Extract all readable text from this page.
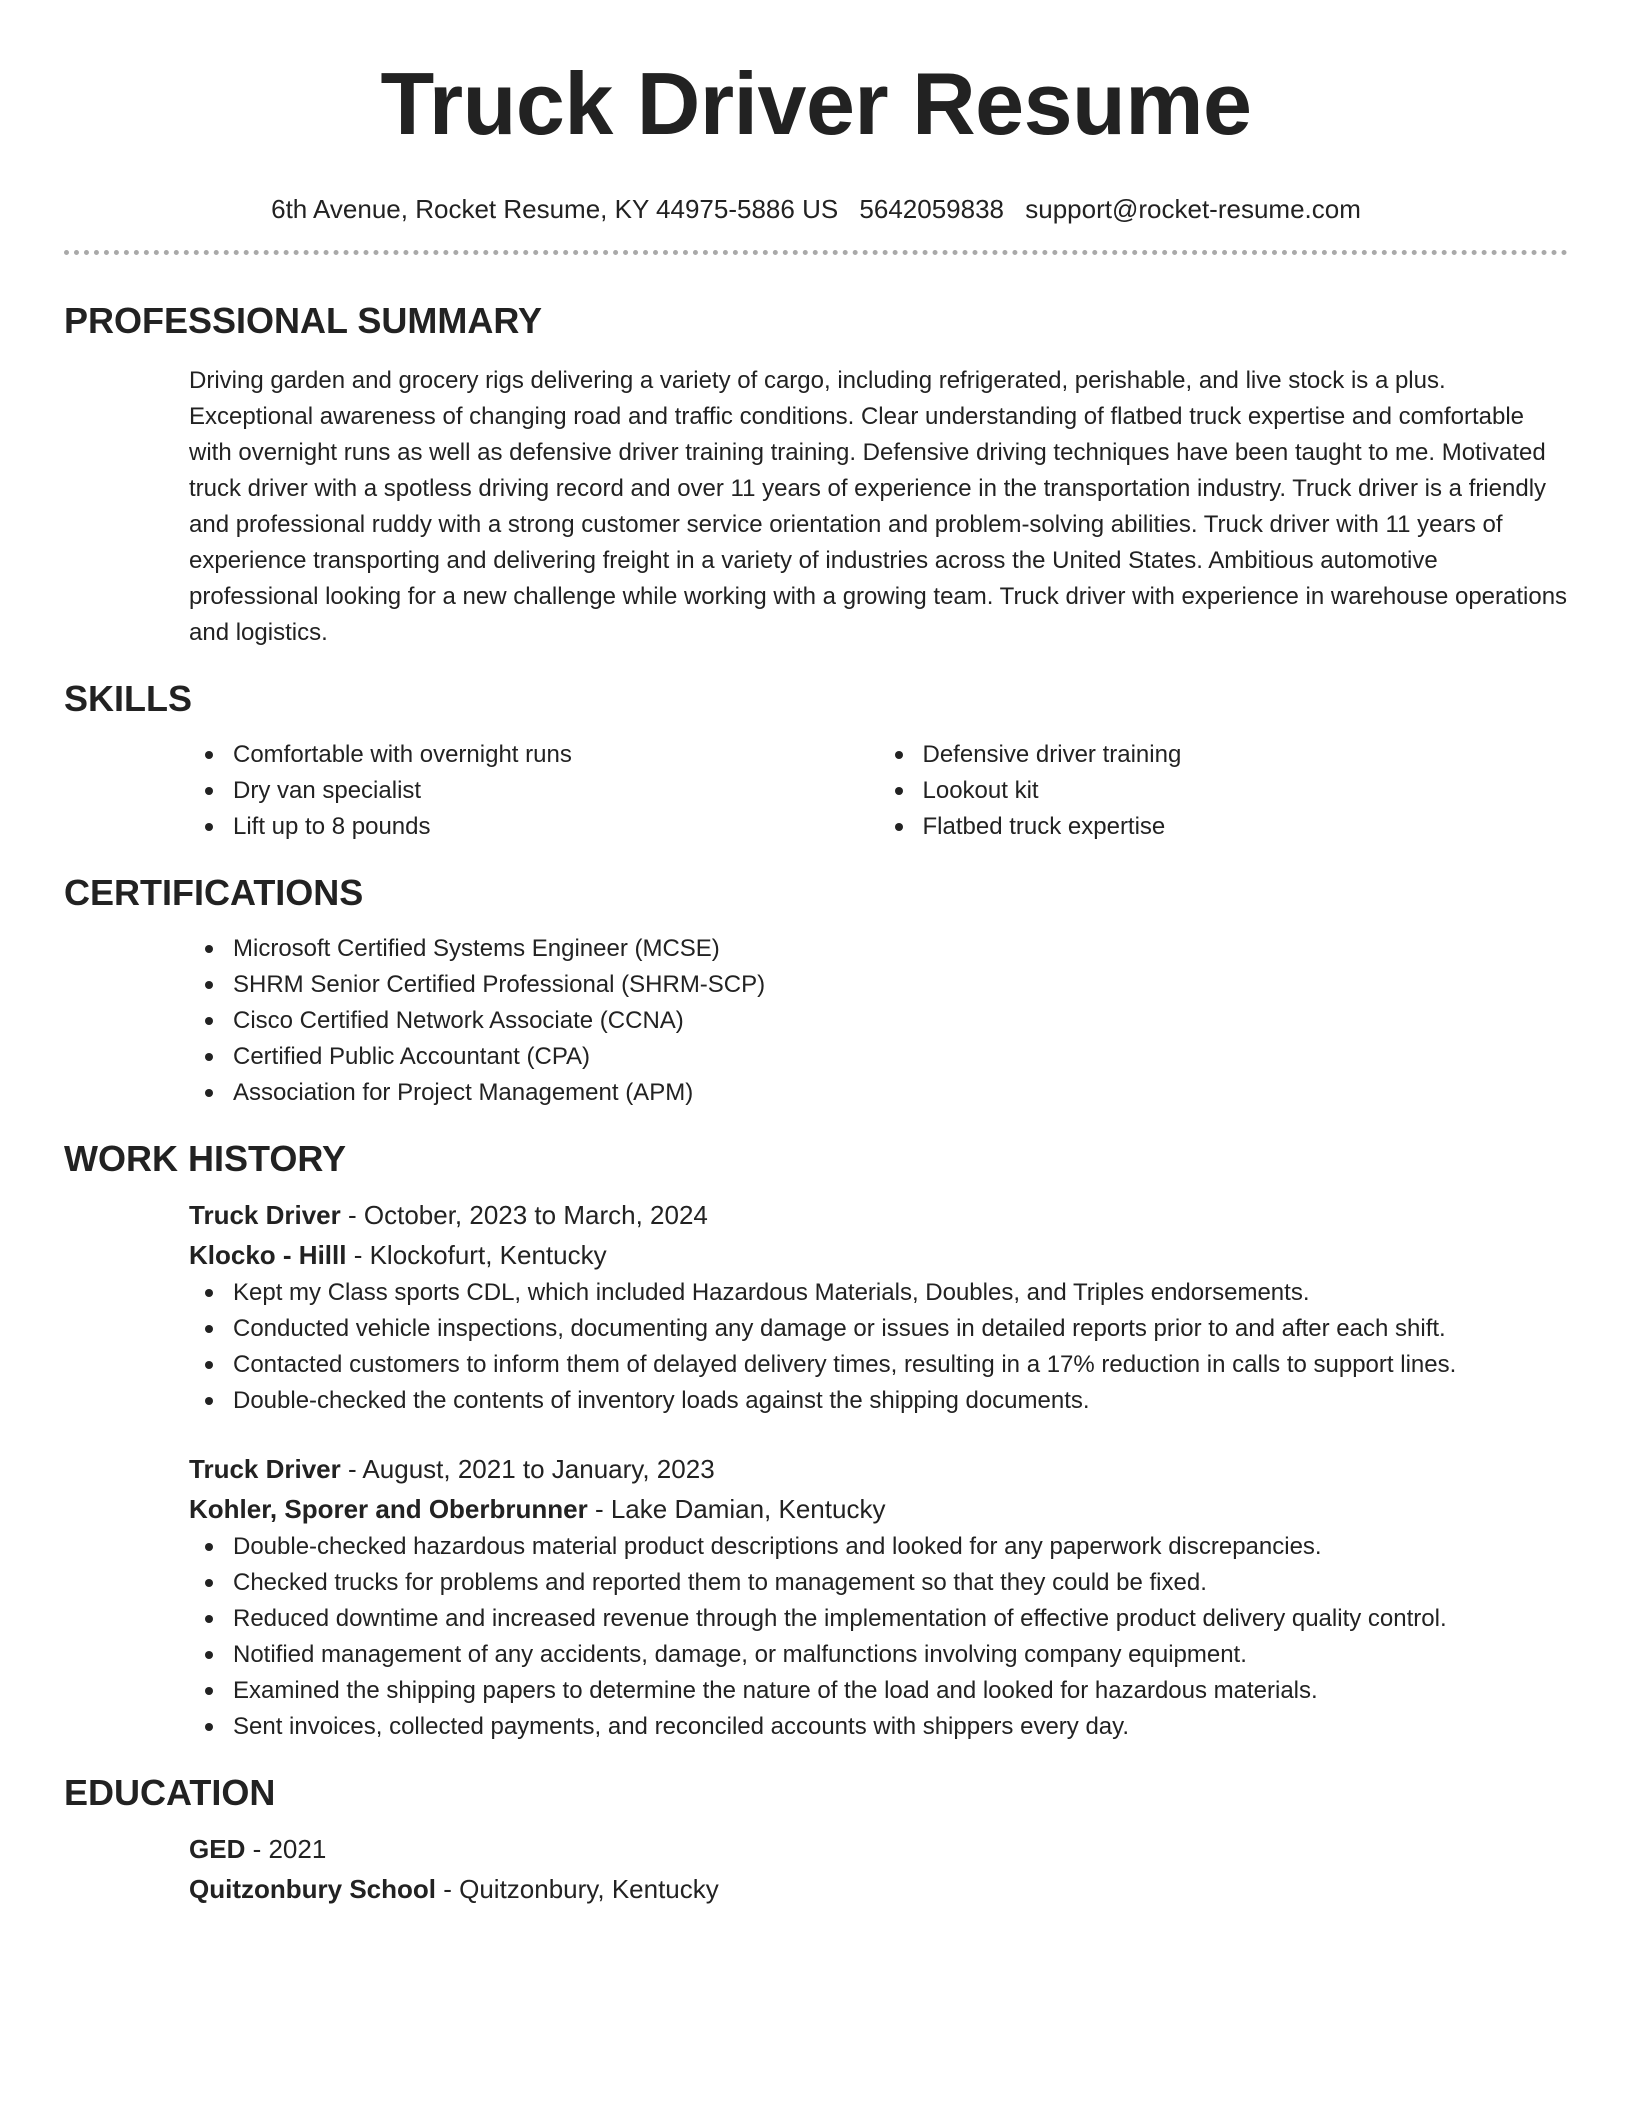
Truck Driver Resume
6th Avenue, Rocket Resume, KY 44975-5886 US 5642059838 support@rocket-resume.com
PROFESSIONAL SUMMARY

Driving garden and grocery rigs delivering a variety of cargo, including refrigerated, perishable, and live stock is a plus. Exceptional awareness of changing road and traffic conditions. Clear understanding of flatbed truck expertise and comfortable with overnight runs as well as defensive driver training training. Defensive driving techniques have been taught to me. Motivated truck driver with a spotless driving record and over 11 years of experience in the transportation industry. Truck driver is a friendly and professional ruddy with a strong customer service orientation and problem-solving abilities. Truck driver with 11 years of experience transporting and delivering freight in a variety of industries across the United States. Ambitious automotive professional looking for a new challenge while working with a growing team. Truck driver with experience in warehouse operations and logistics.

SKILLS
Comfortable with overnight runs
Dry van specialist
Lift up to 8 pounds
Defensive driver training
Lookout kit
Flatbed truck expertise
CERTIFICATIONS
Microsoft Certified Systems Engineer (MCSE)
SHRM Senior Certified Professional (SHRM-SCP)
Cisco Certified Network Associate (CCNA)
Certified Public Accountant (CPA)
Association for Project Management (APM)
WORK HISTORY
Truck Driver - October, 2023 to March, 2024
Klocko - Hilll - Klockofurt, Kentucky
Kept my Class sports CDL, which included Hazardous Materials, Doubles, and Triples endorsements.
Conducted vehicle inspections, documenting any damage or issues in detailed reports prior to and after each shift.
Contacted customers to inform them of delayed delivery times, resulting in a 17% reduction in calls to support lines.
Double-checked the contents of inventory loads against the shipping documents.
Truck Driver - August, 2021 to January, 2023
Kohler, Sporer and Oberbrunner - Lake Damian, Kentucky
Double-checked hazardous material product descriptions and looked for any paperwork discrepancies.
Checked trucks for problems and reported them to management so that they could be fixed.
Reduced downtime and increased revenue through the implementation of effective product delivery quality control.
Notified management of any accidents, damage, or malfunctions involving company equipment.
Examined the shipping papers to determine the nature of the load and looked for hazardous materials.
Sent invoices, collected payments, and reconciled accounts with shippers every day.
EDUCATION
GED - 2021
Quitzonbury School - Quitzonbury, Kentucky
